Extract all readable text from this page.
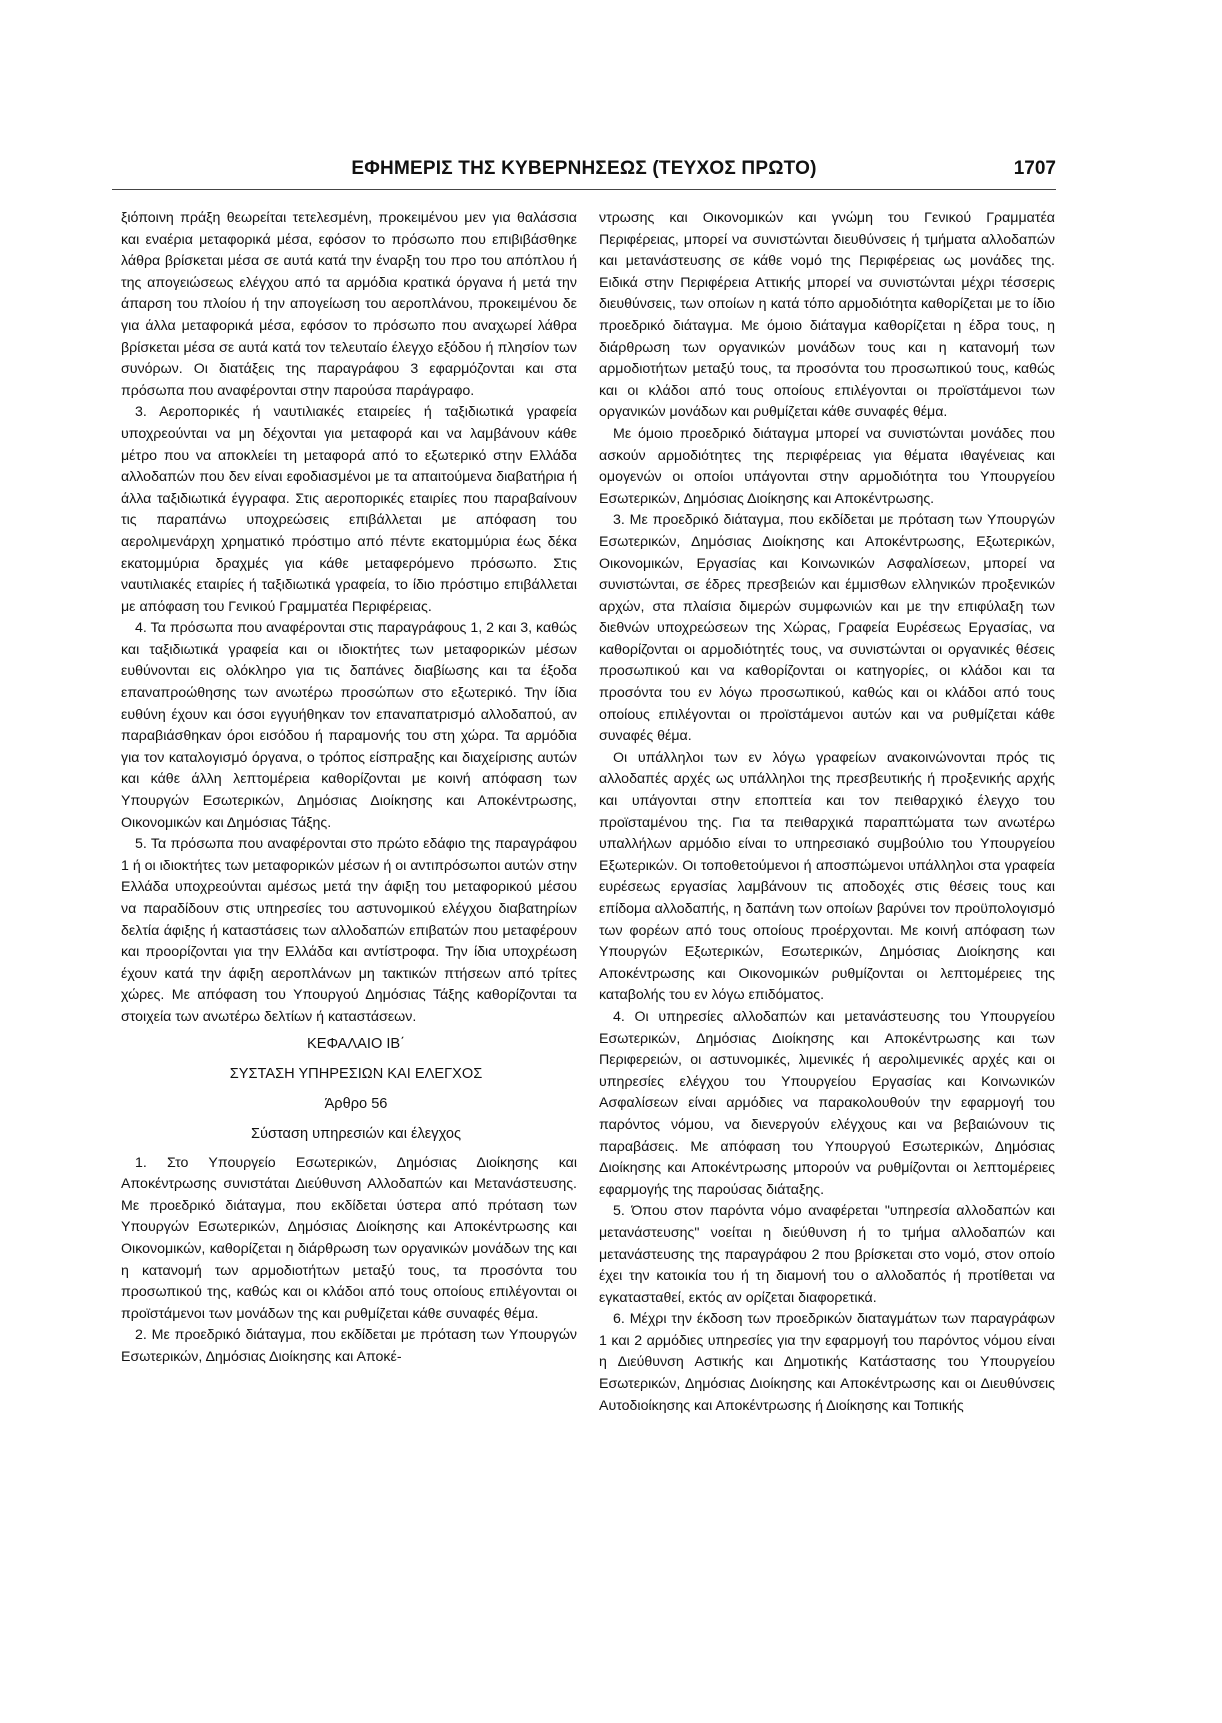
ΕΦΗΜΕΡΙΣ ΤΗΣ ΚΥΒΕΡΝΗΣΕΩΣ (ΤΕΥΧΟΣ ΠΡΩΤΟ)	1707

ξιόποινη πράξη θεωρείται τετελεσμένη, προκειμένου μεν για θαλάσσια και εναέρια μεταφορικά μέσα, εφόσον το πρόσωπο που επιβιβάσθηκε λάθρα βρίσκεται μέσα σε αυτά κατά την έναρξη του προ του απόπλου ή της απογειώσεως ελέγχου από τα αρμόδια κρατικά όργανα ή μετά την άπαρση του πλοίου ή την απογείωση του αεροπλάνου, προκειμένου δε για άλλα μεταφορικά μέσα, εφόσον το πρόσωπο που αναχωρεί λάθρα βρίσκεται μέσα σε αυτά κατά τον τελευταίο έλεγχο εξόδου ή πλησίον των συνόρων. Οι διατάξεις της παραγράφου 3 εφαρμόζονται και στα πρόσωπα που αναφέρονται στην παρούσα παράγραφο.

3. Αεροπορικές ή ναυτιλιακές εταιρείες ή ταξιδιωτικά γραφεία υποχρεούνται να μη δέχονται για μεταφορά και να λαμβάνουν κάθε μέτρο που να αποκλείει τη μεταφορά από το εξωτερικό στην Ελλάδα αλλοδαπών που δεν είναι εφοδιασμένοι με τα απαιτούμενα διαβατήρια ή άλλα ταξιδιωτικά έγγραφα. Στις αεροπορικές εταιρίες που παραβαίνουν τις παραπάνω υποχρεώσεις επιβάλλεται με απόφαση του αερολιμενάρχη χρηματικό πρόστιμο από πέντε εκατομμύρια έως δέκα εκατομμύρια δραχμές για κάθε μεταφερόμενο πρόσωπο. Στις ναυτιλιακές εταιρίες ή ταξιδιωτικά γραφεία, το ίδιο πρόστιμο επιβάλλεται με απόφαση του Γενικού Γραμματέα Περιφέρειας.

4. Τα πρόσωπα που αναφέρονται στις παραγράφους 1, 2 και 3, καθώς και ταξιδιωτικά γραφεία και οι ιδιοκτήτες των μεταφορικών μέσων ευθύνονται εις ολόκληρο για τις δαπάνες διαβίωσης και τα έξοδα επαναπροώθησης των ανωτέρω προσώπων στο εξωτερικό. Την ίδια ευθύνη έχουν και όσοι εγγυήθηκαν τον επαναπατρισμό αλλοδαπού, αν παραβιάσθηκαν όροι εισόδου ή παραμονής του στη χώρα. Τα αρμόδια για τον καταλογισμό όργανα, ο τρόπος είσπραξης και διαχείρισης αυτών και κάθε άλλη λεπτομέρεια καθορίζονται με κοινή απόφαση των Υπουργών Εσωτερικών, Δημόσιας Διοίκησης και Αποκέντρωσης, Οικονομικών και Δημόσιας Τάξης.

5. Τα πρόσωπα που αναφέρονται στο πρώτο εδάφιο της παραγράφου 1 ή οι ιδιοκτήτες των μεταφορικών μέσων ή οι αντιπρόσωποι αυτών στην Ελλάδα υποχρεούνται αμέσως μετά την άφιξη του μεταφορικού μέσου να παραδίδουν στις υπηρεσίες του αστυνομικού ελέγχου διαβατηρίων δελτία άφιξης ή καταστάσεις των αλλοδαπών επιβατών που μεταφέρουν και προορίζονται για την Ελλάδα και αντίστροφα. Την ίδια υποχρέωση έχουν κατά την άφιξη αεροπλάνων μη τακτικών πτήσεων από τρίτες χώρες. Με απόφαση του Υπουργού Δημόσιας Τάξης καθορίζονται τα στοιχεία των ανωτέρω δελτίων ή καταστάσεων.

ΚΕΦΑΛΑΙΟ ΙΒ΄

ΣΥΣΤΑΣΗ ΥΠΗΡΕΣΙΩΝ ΚΑΙ ΕΛΕΓΧΟΣ

Άρθρο 56

Σύσταση υπηρεσιών και έλεγχος

1. Στο Υπουργείο Εσωτερικών, Δημόσιας Διοίκησης και Αποκέντρωσης συνιστάται Διεύθυνση Αλλοδαπών και Μετανάστευσης. Με προεδρικό διάταγμα, που εκδίδεται ύστερα από πρόταση των Υπουργών Εσωτερικών, Δημόσιας Διοίκησης και Αποκέντρωσης και Οικονομικών, καθορίζεται η διάρθρωση των οργανικών μονάδων της και η κατανομή των αρμοδιοτήτων μεταξύ τους, τα προσόντα του προσωπικού της, καθώς και οι κλάδοι από τους οποίους επιλέγονται οι προϊστάμενοι των μονάδων της και ρυθμίζεται κάθε συναφές θέμα.

2. Με προεδρικό διάταγμα, που εκδίδεται με πρόταση των Υπουργών Εσωτερικών, Δημόσιας Διοίκησης και Αποκέ-

ντρωσης και Οικονομικών και γνώμη του Γενικού Γραμματέα Περιφέρειας, μπορεί να συνιστώνται διευθύνσεις ή τμήματα αλλοδαπών και μετανάστευσης σε κάθε νομό της Περιφέρειας ως μονάδες της. Ειδικά στην Περιφέρεια Αττικής μπορεί να συνιστώνται μέχρι τέσσερις διευθύνσεις, των οποίων η κατά τόπο αρμοδιότητα καθορίζεται με το ίδιο προεδρικό διάταγμα. Με όμοιο διάταγμα καθορίζεται η έδρα τους, η διάρθρωση των οργανικών μονάδων τους και η κατανομή των αρμοδιοτήτων μεταξύ τους, τα προσόντα του προσωπικού τους, καθώς και οι κλάδοι από τους οποίους επιλέγονται οι προϊστάμενοι των οργανικών μονάδων και ρυθμίζεται κάθε συναφές θέμα.

Με όμοιο προεδρικό διάταγμα μπορεί να συνιστώνται μονάδες που ασκούν αρμοδιότητες της περιφέρειας για θέματα ιθαγένειας και ομογενών οι οποίοι υπάγονται στην αρμοδιότητα του Υπουργείου Εσωτερικών, Δημόσιας Διοίκησης και Αποκέντρωσης.

3. Με προεδρικό διάταγμα, που εκδίδεται με πρόταση των Υπουργών Εσωτερικών, Δημόσιας Διοίκησης και Αποκέντρωσης, Εξωτερικών, Οικονομικών, Εργασίας και Κοινωνικών Ασφαλίσεων, μπορεί να συνιστώνται, σε έδρες πρεσβειών και έμμισθων ελληνικών προξενικών αρχών, στα πλαίσια διμερών συμφωνιών και με την επιφύλαξη των διεθνών υποχρεώσεων της Χώρας, Γραφεία Ευρέσεως Εργασίας, να καθορίζονται οι αρμοδιότητές τους, να συνιστώνται οι οργανικές θέσεις προσωπικού και να καθορίζονται οι κατηγορίες, οι κλάδοι και τα προσόντα του εν λόγω προσωπικού, καθώς και οι κλάδοι από τους οποίους επιλέγονται οι προϊστάμενοι αυτών και να ρυθμίζεται κάθε συναφές θέμα.

Οι υπάλληλοι των εν λόγω γραφείων ανακοινώνονται πρός τις αλλοδαπές αρχές ως υπάλληλοι της πρεσβευτικής ή προξενικής αρχής και υπάγονται στην εποπτεία και τον πειθαρχικό έλεγχο του προϊσταμένου της. Για τα πειθαρχικά παραπτώματα των ανωτέρω υπαλλήλων αρμόδιο είναι το υπηρεσιακό συμβούλιο του Υπουργείου Εξωτερικών. Οι τοποθετούμενοι ή αποσπώμενοι υπάλληλοι στα γραφεία ευρέσεως εργασίας λαμβάνουν τις αποδοχές στις θέσεις τους και επίδομα αλλοδαπής, η δαπάνη των οποίων βαρύνει τον προϋπολογισμό των φορέων από τους οποίους προέρχονται. Με κοινή απόφαση των Υπουργών Εξωτερικών, Εσωτερικών, Δημόσιας Διοίκησης και Αποκέντρωσης και Οικονομικών ρυθμίζονται οι λεπτομέρειες της καταβολής του εν λόγω επιδόματος.

4. Οι υπηρεσίες αλλοδαπών και μετανάστευσης του Υπουργείου Εσωτερικών, Δημόσιας Διοίκησης και Αποκέντρωσης και των Περιφερειών, οι αστυνομικές, λιμενικές ή αερολιμενικές αρχές και οι υπηρεσίες ελέγχου του Υπουργείου Εργασίας και Κοινωνικών Ασφαλίσεων είναι αρμόδιες να παρακολουθούν την εφαρμογή του παρόντος νόμου, να διενεργούν ελέγχους και να βεβαιώνουν τις παραβάσεις. Με απόφαση του Υπουργού Εσωτερικών, Δημόσιας Διοίκησης και Αποκέντρωσης μπορούν να ρυθμίζονται οι λεπτομέρειες εφαρμογής της παρούσας διάταξης.

5. Όπου στον παρόντα νόμο αναφέρεται "υπηρεσία αλλοδαπών και μετανάστευσης" νοείται η διεύθυνση ή το τμήμα αλλοδαπών και μετανάστευσης της παραγράφου 2 που βρίσκεται στο νομό, στον οποίο έχει την κατοικία του ή τη διαμονή του ο αλλοδαπός ή προτίθεται να εγκατασταθεί, εκτός αν ορίζεται διαφορετικά.

6. Μέχρι την έκδοση των προεδρικών διαταγμάτων των παραγράφων 1 και 2 αρμόδιες υπηρεσίες για την εφαρμογή του παρόντος νόμου είναι η Διεύθυνση Αστικής και Δημοτικής Κατάστασης του Υπουργείου Εσωτερικών, Δημόσιας Διοίκησης και Αποκέντρωσης και οι Διευθύνσεις Αυτοδιοίκησης και Αποκέντρωσης ή Διοίκησης και Τοπικής
